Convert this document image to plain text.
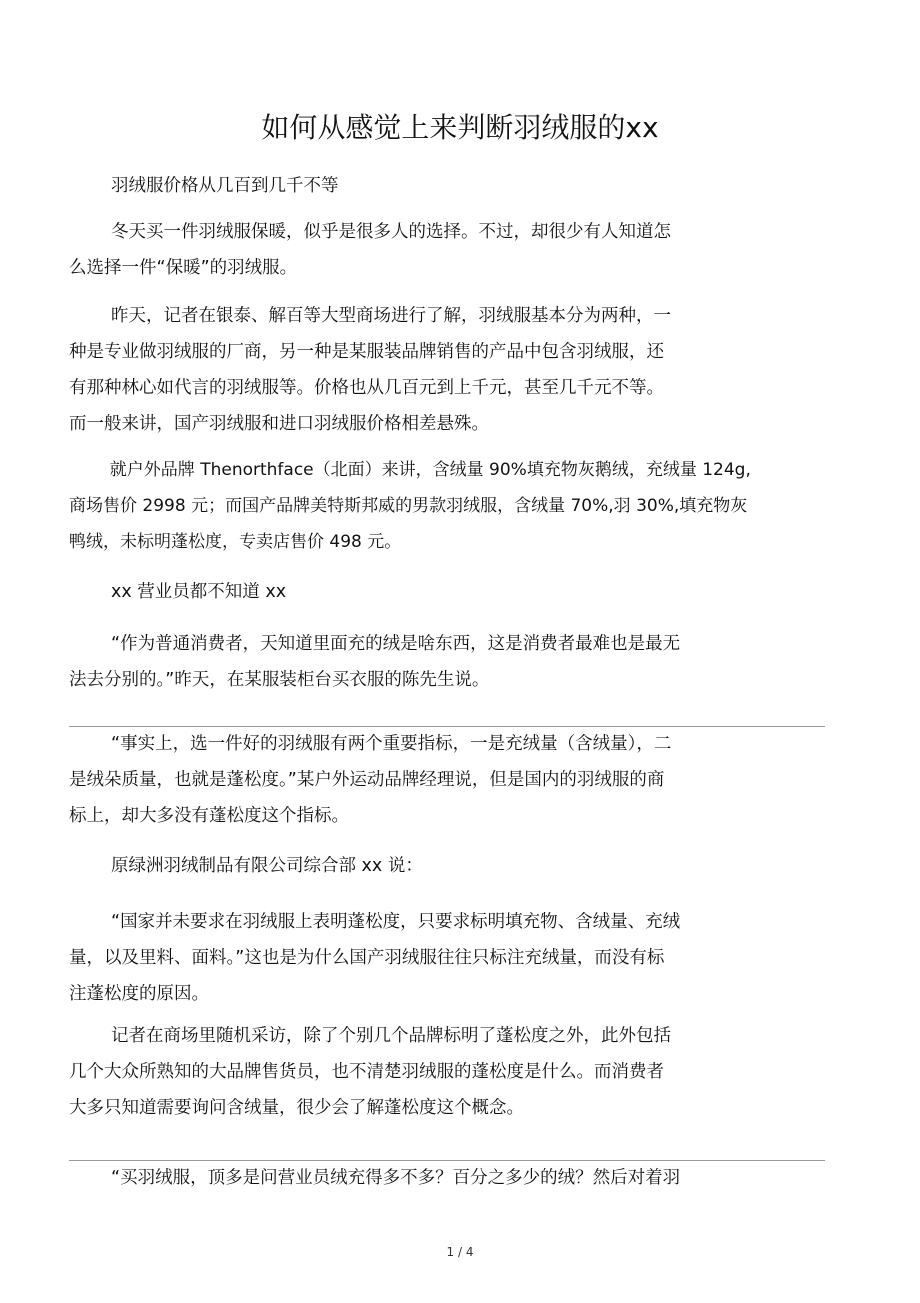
如何从感觉上来判断羽绒服的xx

羽绒服价格从几百到几千不等

冬天买一件羽绒服保暖，似乎是很多人的选择。不过，却很少有人知道怎
么选择一件“保暖”的羽绒服。

昨天，记者在银泰、解百等大型商场进行了解，羽绒服基本分为两种，一
种是专业做羽绒服的厂商，另一种是某服装品牌销售的产品中包含羽绒服，还
有那种林心如代言的羽绒服等。价格也从几百元到上千元，甚至几千元不等。
而一般来讲，国产羽绒服和进口羽绒服价格相差悬殊。

就户外品牌 Thenorthface（北面）来讲，含绒量 90%填充物灰鹅绒，充绒量 124g,
商场售价 2998 元；而国产品牌美特斯邦威的男款羽绒服，含绒量 70%,羽 30%,填充物灰
鸭绒，未标明蓬松度，专卖店售价 498 元。

xx 营业员都不知道 xx

“作为普通消费者，天知道里面充的绒是啥东西，这是消费者最难也是最无
法去分别的。”昨天，在某服装柜台买衣服的陈先生说。

“事实上，选一件好的羽绒服有两个重要指标，一是充绒量（含绒量），二
是绒朵质量，也就是蓬松度。”某户外运动品牌经理说，但是国内的羽绒服的商
标上，却大多没有蓬松度这个指标。

原绿洲羽绒制品有限公司综合部 xx 说：

“国家并未要求在羽绒服上表明蓬松度，只要求标明填充物、含绒量、充绒
量，以及里料、面料。”这也是为什么国产羽绒服往往只标注充绒量，而没有标
注蓬松度的原因。

记者在商场里随机采访，除了个别几个品牌标明了蓬松度之外，此外包括
几个大众所熟知的大品牌售货员，也不清楚羽绒服的蓬松度是什么。而消费者
大多只知道需要询问含绒量，很少会了解蓬松度这个概念。

“买羽绒服，顶多是问营业员绒充得多不多？百分之多少的绒？然后对着羽

1 / 4
